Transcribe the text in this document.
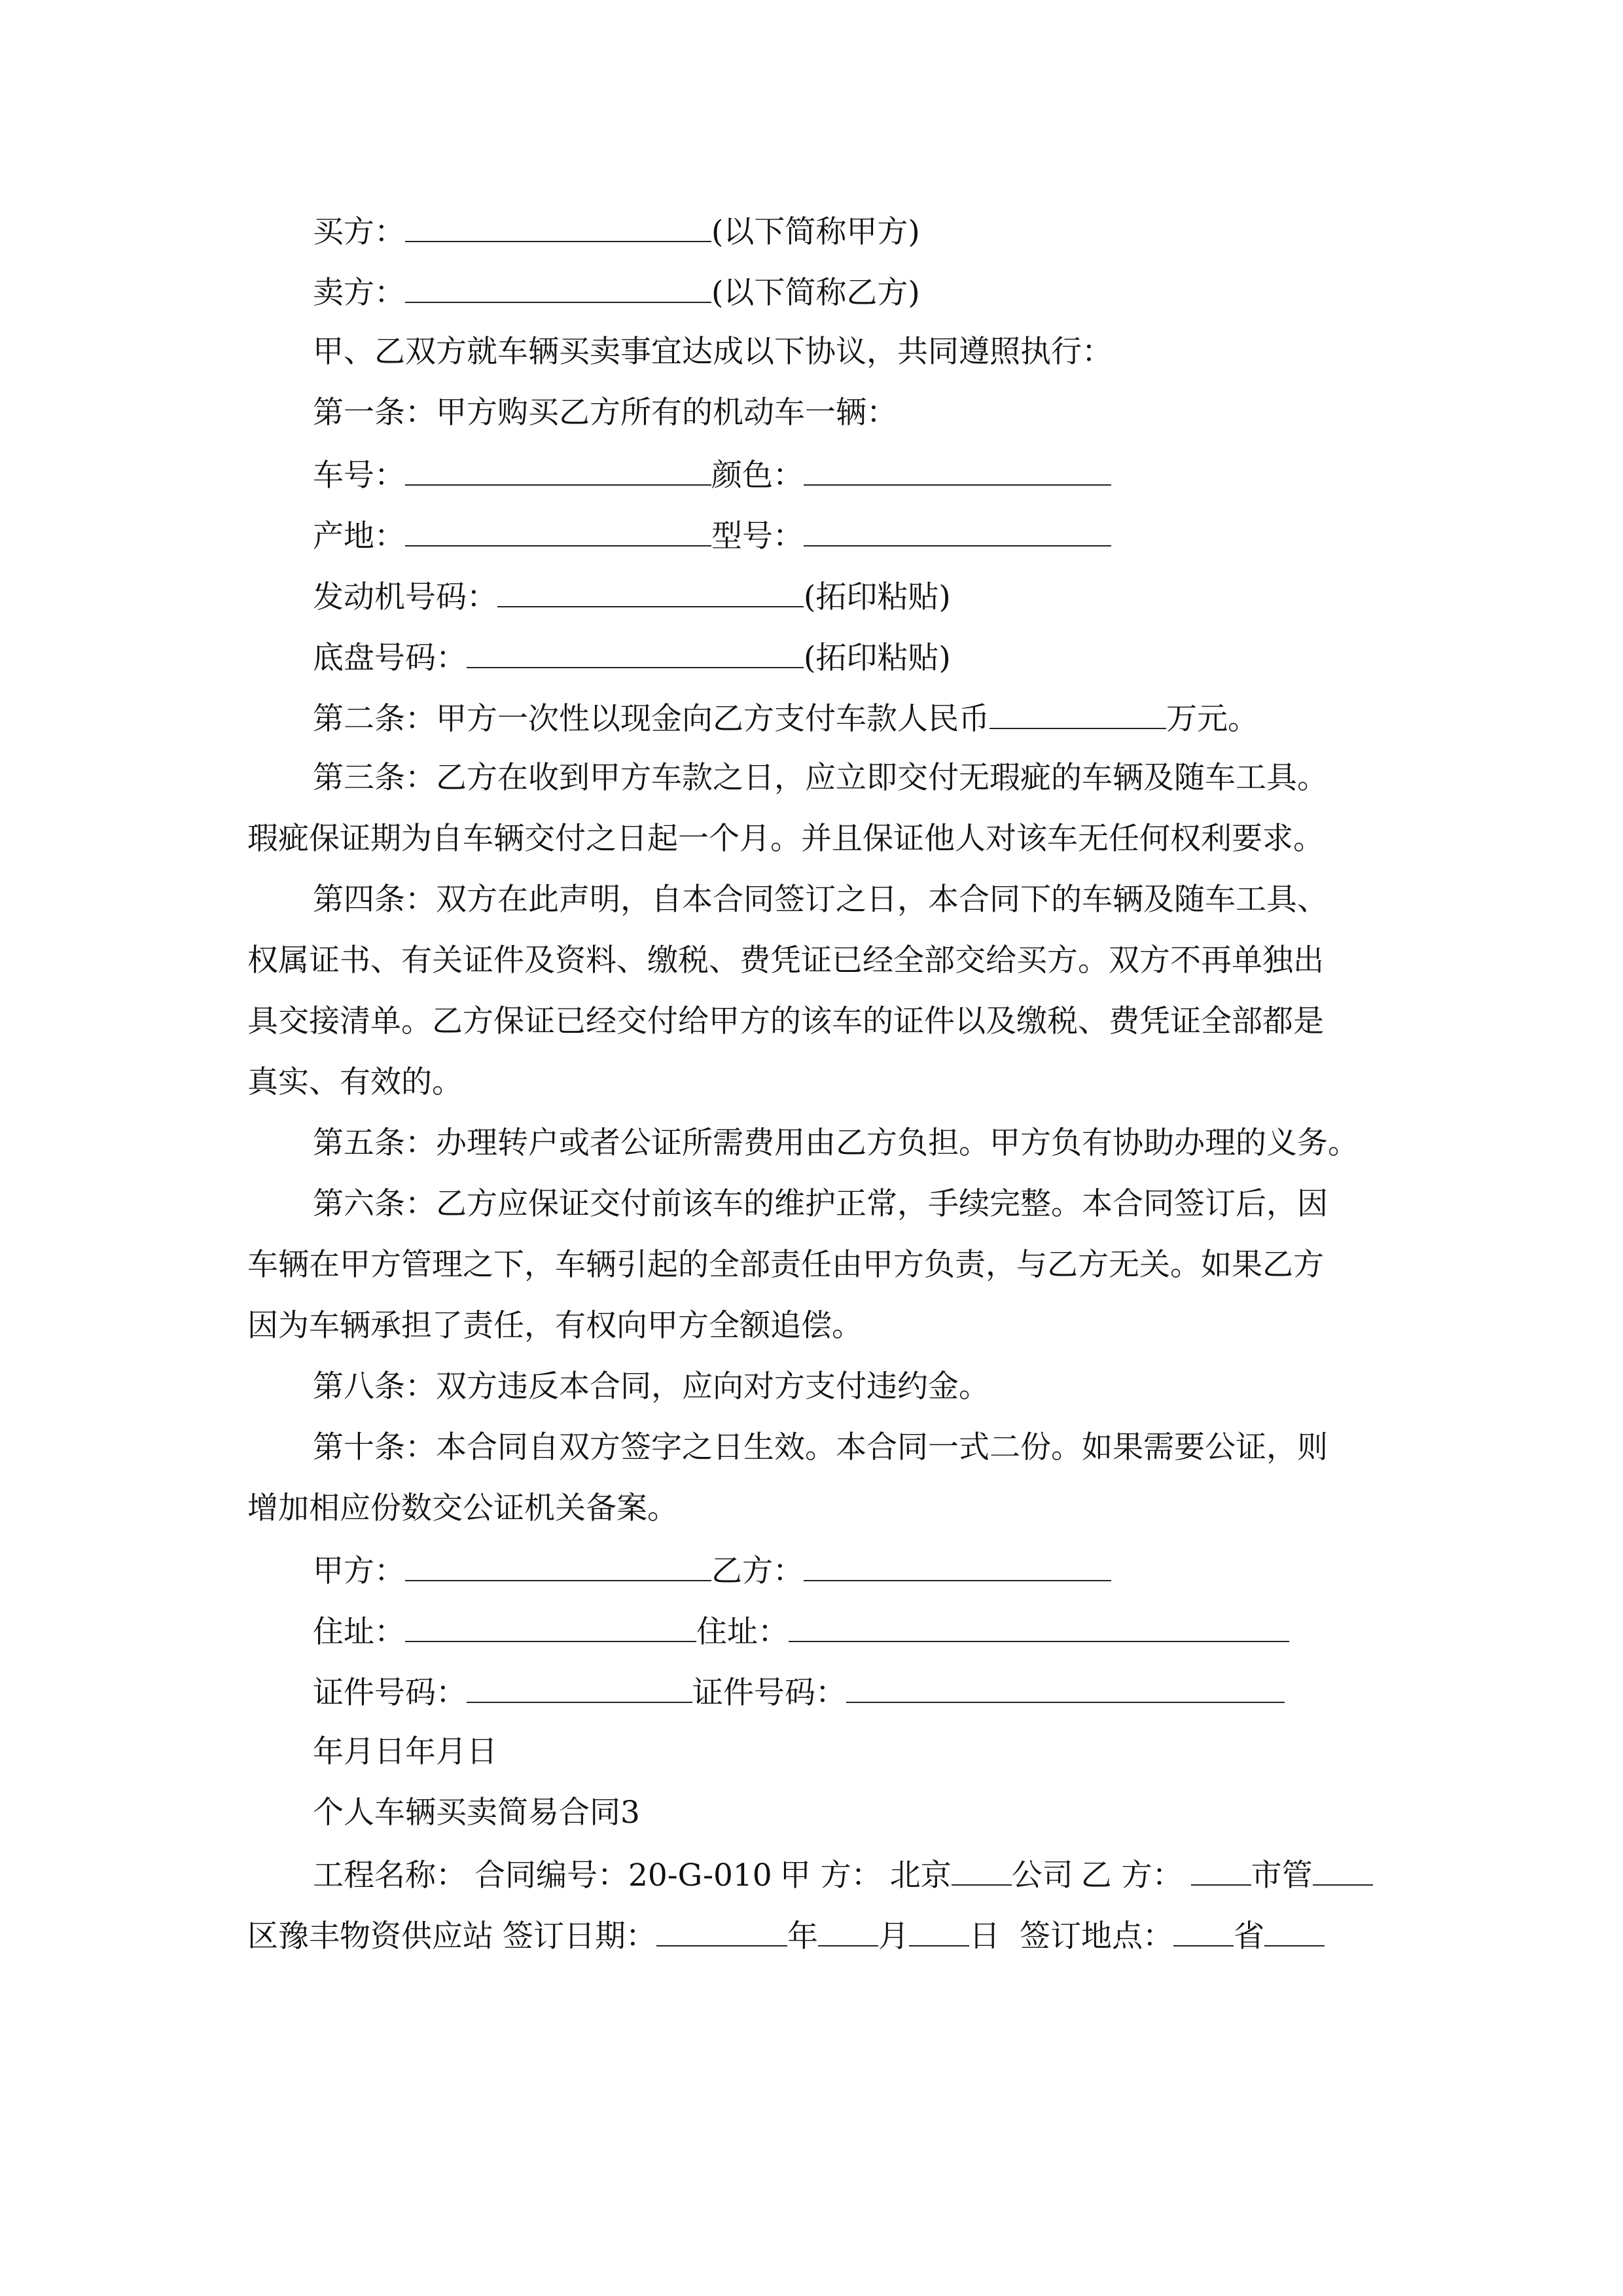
买方：	(以下简称甲方)
卖方：	(以下简称乙方)
甲、乙双方就车辆买卖事宜达成以下协议，共同遵照执行：
第一条：甲方购买乙方所有的机动车一辆：
车号：	颜色：
产地：	型号：
发动机号码：	(拓印粘贴)
底盘号码：	(拓印粘贴)
第二条：甲方一次性以现金向乙方支付车款人民币	万元。
第三条：乙方在收到甲方车款之日，应立即交付无瑕疵的车辆及随车工具。
瑕疵保证期为自车辆交付之日起一个月。并且保证他人对该车无任何权利要求。
第四条：双方在此声明，自本合同签订之日，本合同下的车辆及随车工具、
权属证书、有关证件及资料、缴税、费凭证已经全部交给买方。双方不再单独出
具交接清单。乙方保证已经交付给甲方的该车的证件以及缴税、费凭证全部都是
真实、有效的。
第五条：办理转户或者公证所需费用由乙方负担。甲方负有协助办理的义务。
第六条：乙方应保证交付前该车的维护正常，手续完整。本合同签订后，因
车辆在甲方管理之下，车辆引起的全部责任由甲方负责，与乙方无关。如果乙方
因为车辆承担了责任，有权向甲方全额追偿。
第八条：双方违反本合同，应向对方支付违约金。
第十条：本合同自双方签字之日生效。本合同一式二份。如果需要公证，则
增加相应份数交公证机关备案。
甲方：	乙方：
住址：	住址：
证件号码：	证件号码：
年月日年月日
个人车辆买卖简易合同3
工程名称： 合同编号：20-G-010 甲 方： 北京 公司 乙 方： 市管
区豫丰物资供应站 签订日期：	年 月 日 签订地点： 省
